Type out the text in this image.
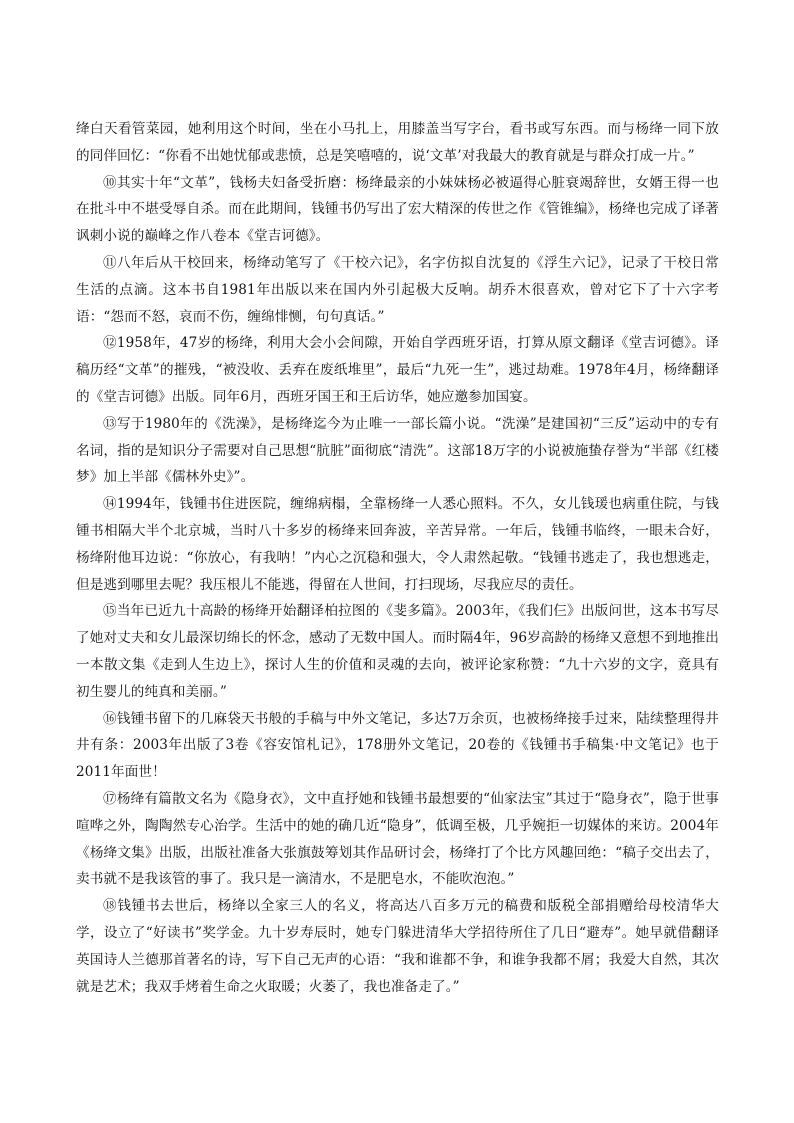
绛白天看管菜园，她利用这个时间，坐在小马扎上，用膝盖当写字台，看书或写东西。而与杨绛一同下放的同伴回忆：“你看不出她忧郁或悲愤，总是笑嘻嘻的，说‘文革’对我最大的教育就是与群众打成一片。”

⑩其实十年“文革”，钱杨夫妇备受折磨：杨绛最亲的小妹妹杨必被逼得心脏衰竭辞世，女婿王得一也在批斗中不堪受辱自杀。而在此期间，钱锺书仍写出了宏大精深的传世之作《管锥编》，杨绛也完成了译著讽刺小说的巅峰之作八卷本《堂吉诃德》。

⑪八年后从干校回来，杨绛动笔写了《干校六记》，名字仿拟自沈复的《浮生六记》，记录了干校日常生活的点滴。这本书自1981年出版以来在国内外引起极大反响。胡乔木很喜欢，曾对它下了十六字考语：“怨而不怒，哀而不伤，缠绵悱恻，句句真话。”

⑫1958年，47岁的杨绛，利用大会小会间隙，开始自学西班牙语，打算从原文翻译《堂吉诃德》。译稿历经“文革”的摧残，“被没收、丢弃在废纸堆里”，最后“九死一生”，逃过劫难。1978年4月，杨绛翻译的《堂吉诃德》出版。同年6月，西班牙国王和王后访华，她应邀参加国宴。

⑬写于1980年的《洗澡》，是杨绛迄今为止唯一一部长篇小说。“洗澡”是建国初“三反”运动中的专有名词，指的是知识分子需要对自己思想“肮脏”面彻底“清洗”。这部18万字的小说被施蛰存誉为“半部《红楼梦》加上半部《儒林外史》”。

⑭1994年，钱锺书住进医院，缠绵病榻，全靠杨绛一人悉心照料。不久，女儿钱瑗也病重住院，与钱锺书相隔大半个北京城，当时八十多岁的杨绛来回奔波，辛苦异常。一年后，钱锺书临终，一眼未合好，杨绛附他耳边说：“你放心，有我呐！”内心之沉稳和强大，令人肃然起敬。“钱锺书逃走了，我也想逃走，但是逃到哪里去呢？我压根儿不能逃，得留在人世间，打扫现场，尽我应尽的责任。

⑮当年已近九十高龄的杨绛开始翻译柏拉图的《斐多篇》。2003年，《我们仨》出版问世，这本书写尽了她对丈夫和女儿最深切绵长的怀念，感动了无数中国人。而时隔4年，96岁高龄的杨绛又意想不到地推出一本散文集《走到人生边上》，探讨人生的价值和灵魂的去向，被评论家称赞：“九十六岁的文字，竟具有初生婴儿的纯真和美丽。”

⑯钱锺书留下的几麻袋天书般的手稿与中外文笔记，多达7万余页，也被杨绛接手过来，陆续整理得井井有条：2003年出版了3卷《容安馆札记》，178册外文笔记，20卷的《钱锺书手稿集·中文笔记》也于2011年面世！

⑰杨绛有篇散文名为《隐身衣》，文中直抒她和钱锺书最想要的“仙家法宝”其过于“隐身衣”，隐于世事喧哗之外，陶陶然专心治学。生活中的她的确几近“隐身”，低调至极，几乎婉拒一切媒体的来访。2004年《杨绛文集》出版，出版社准备大张旗鼓筹划其作品研讨会，杨绛打了个比方风趣回绝：“稿子交出去了，卖书就不是我该管的事了。我只是一滴清水，不是肥皂水，不能吹泡泡。”

⑱钱锺书去世后，杨绛以全家三人的名义，将高达八百多万元的稿费和版税全部捐赠给母校清华大学，设立了“好读书”奖学金。九十岁寿辰时，她专门躲进清华大学招待所住了几日“避寿”。她早就借翻译英国诗人兰德那首著名的诗，写下自己无声的心语：“我和谁都不争，和谁争我都不屑；我爱大自然，其次就是艺术；我双手烤着生命之火取暖；火萎了，我也准备走了。”
